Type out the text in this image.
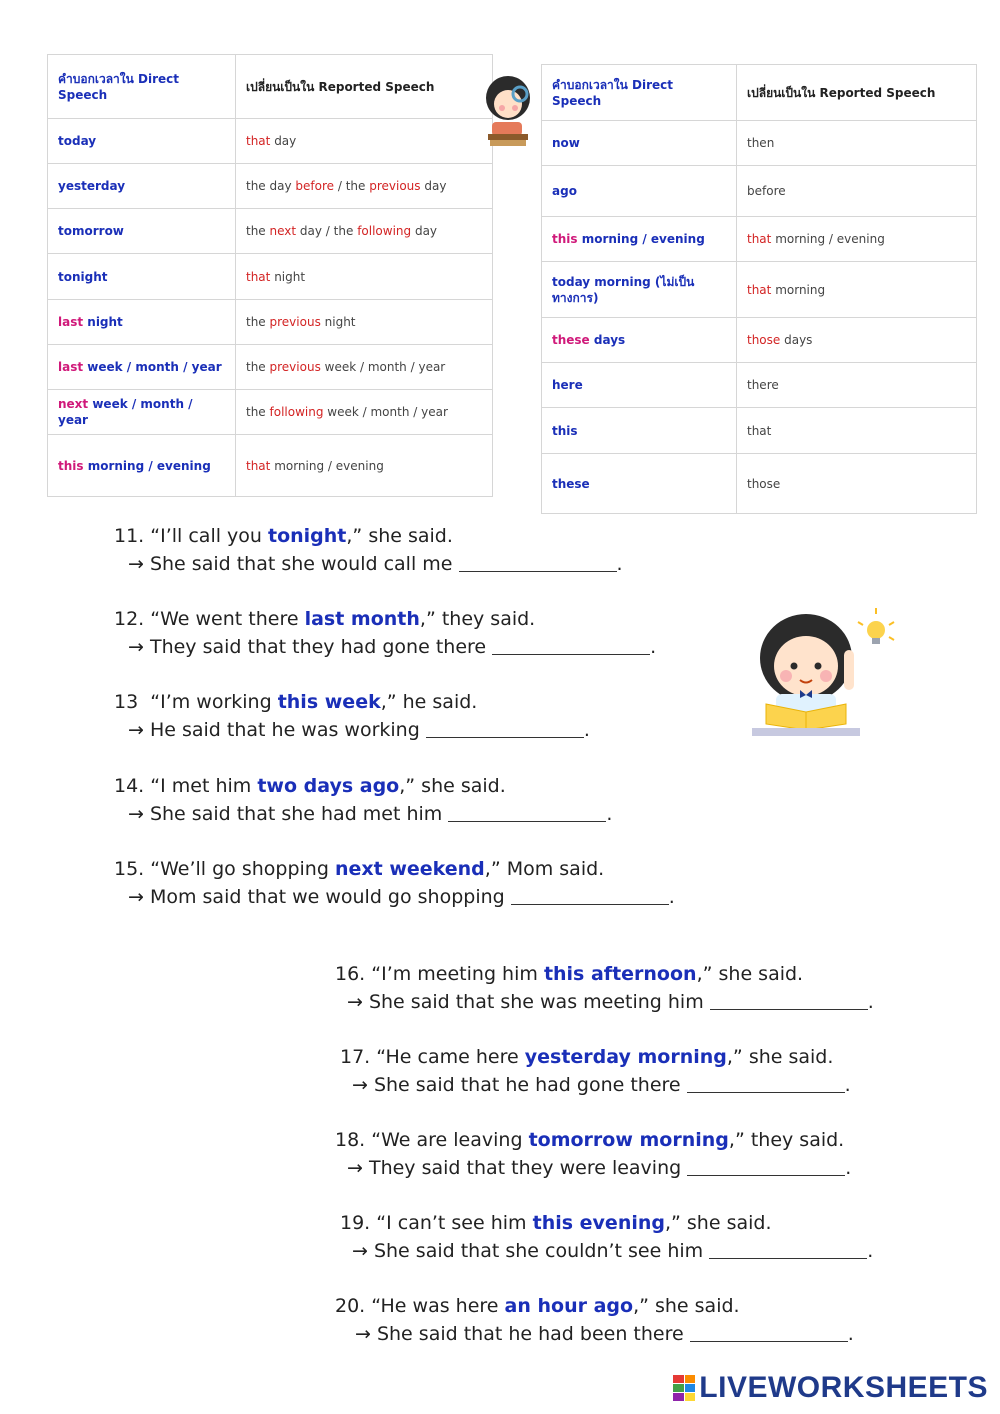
คำบอกเวลาใน Direct Speech	เปลี่ยนเป็นใน Reported Speech
today	that day
yesterday	the day before / the previous day
tomorrow	the next day / the following day
tonight	that night
last night	the previous night
last week / month / year	the previous week / month / year
next week / month / year	the following week / month / year
this morning / evening	that morning / evening
คำบอกเวลาใน Direct Speech	เปลี่ยนเป็นใน Reported Speech
now	then
ago	before
this morning / evening	that morning / evening
today morning (ไม่เป็นทางการ)	that morning
these days	those days
here	there
this	that
these	those
11. “I’ll call you tonight,” she said.
→ She said that she would call me	.
12. “We went there last month,” they said.
→ They said that they had gone there	.
13  “I’m working this week,” he said.
→ He said that he was working	.
14. “I met him two days ago,” she said.
→ She said that she had met him	.
15. “We’ll go shopping next weekend,” Mom said.
→ Mom said that we would go shopping	.
16. “I’m meeting him this afternoon,” she said.
→ She said that she was meeting him	.
17. “He came here yesterday morning,” she said.
→ She said that he had gone there	.
18. “We are leaving tomorrow morning,” they said.
→ They said that they were leaving	.
19. “I can’t see him this evening,” she said.
→ She said that she couldn’t see him	.
20. “He was here an hour ago,” she said.
→ She said that he had been there	.
LIVEWORKSHEETS
